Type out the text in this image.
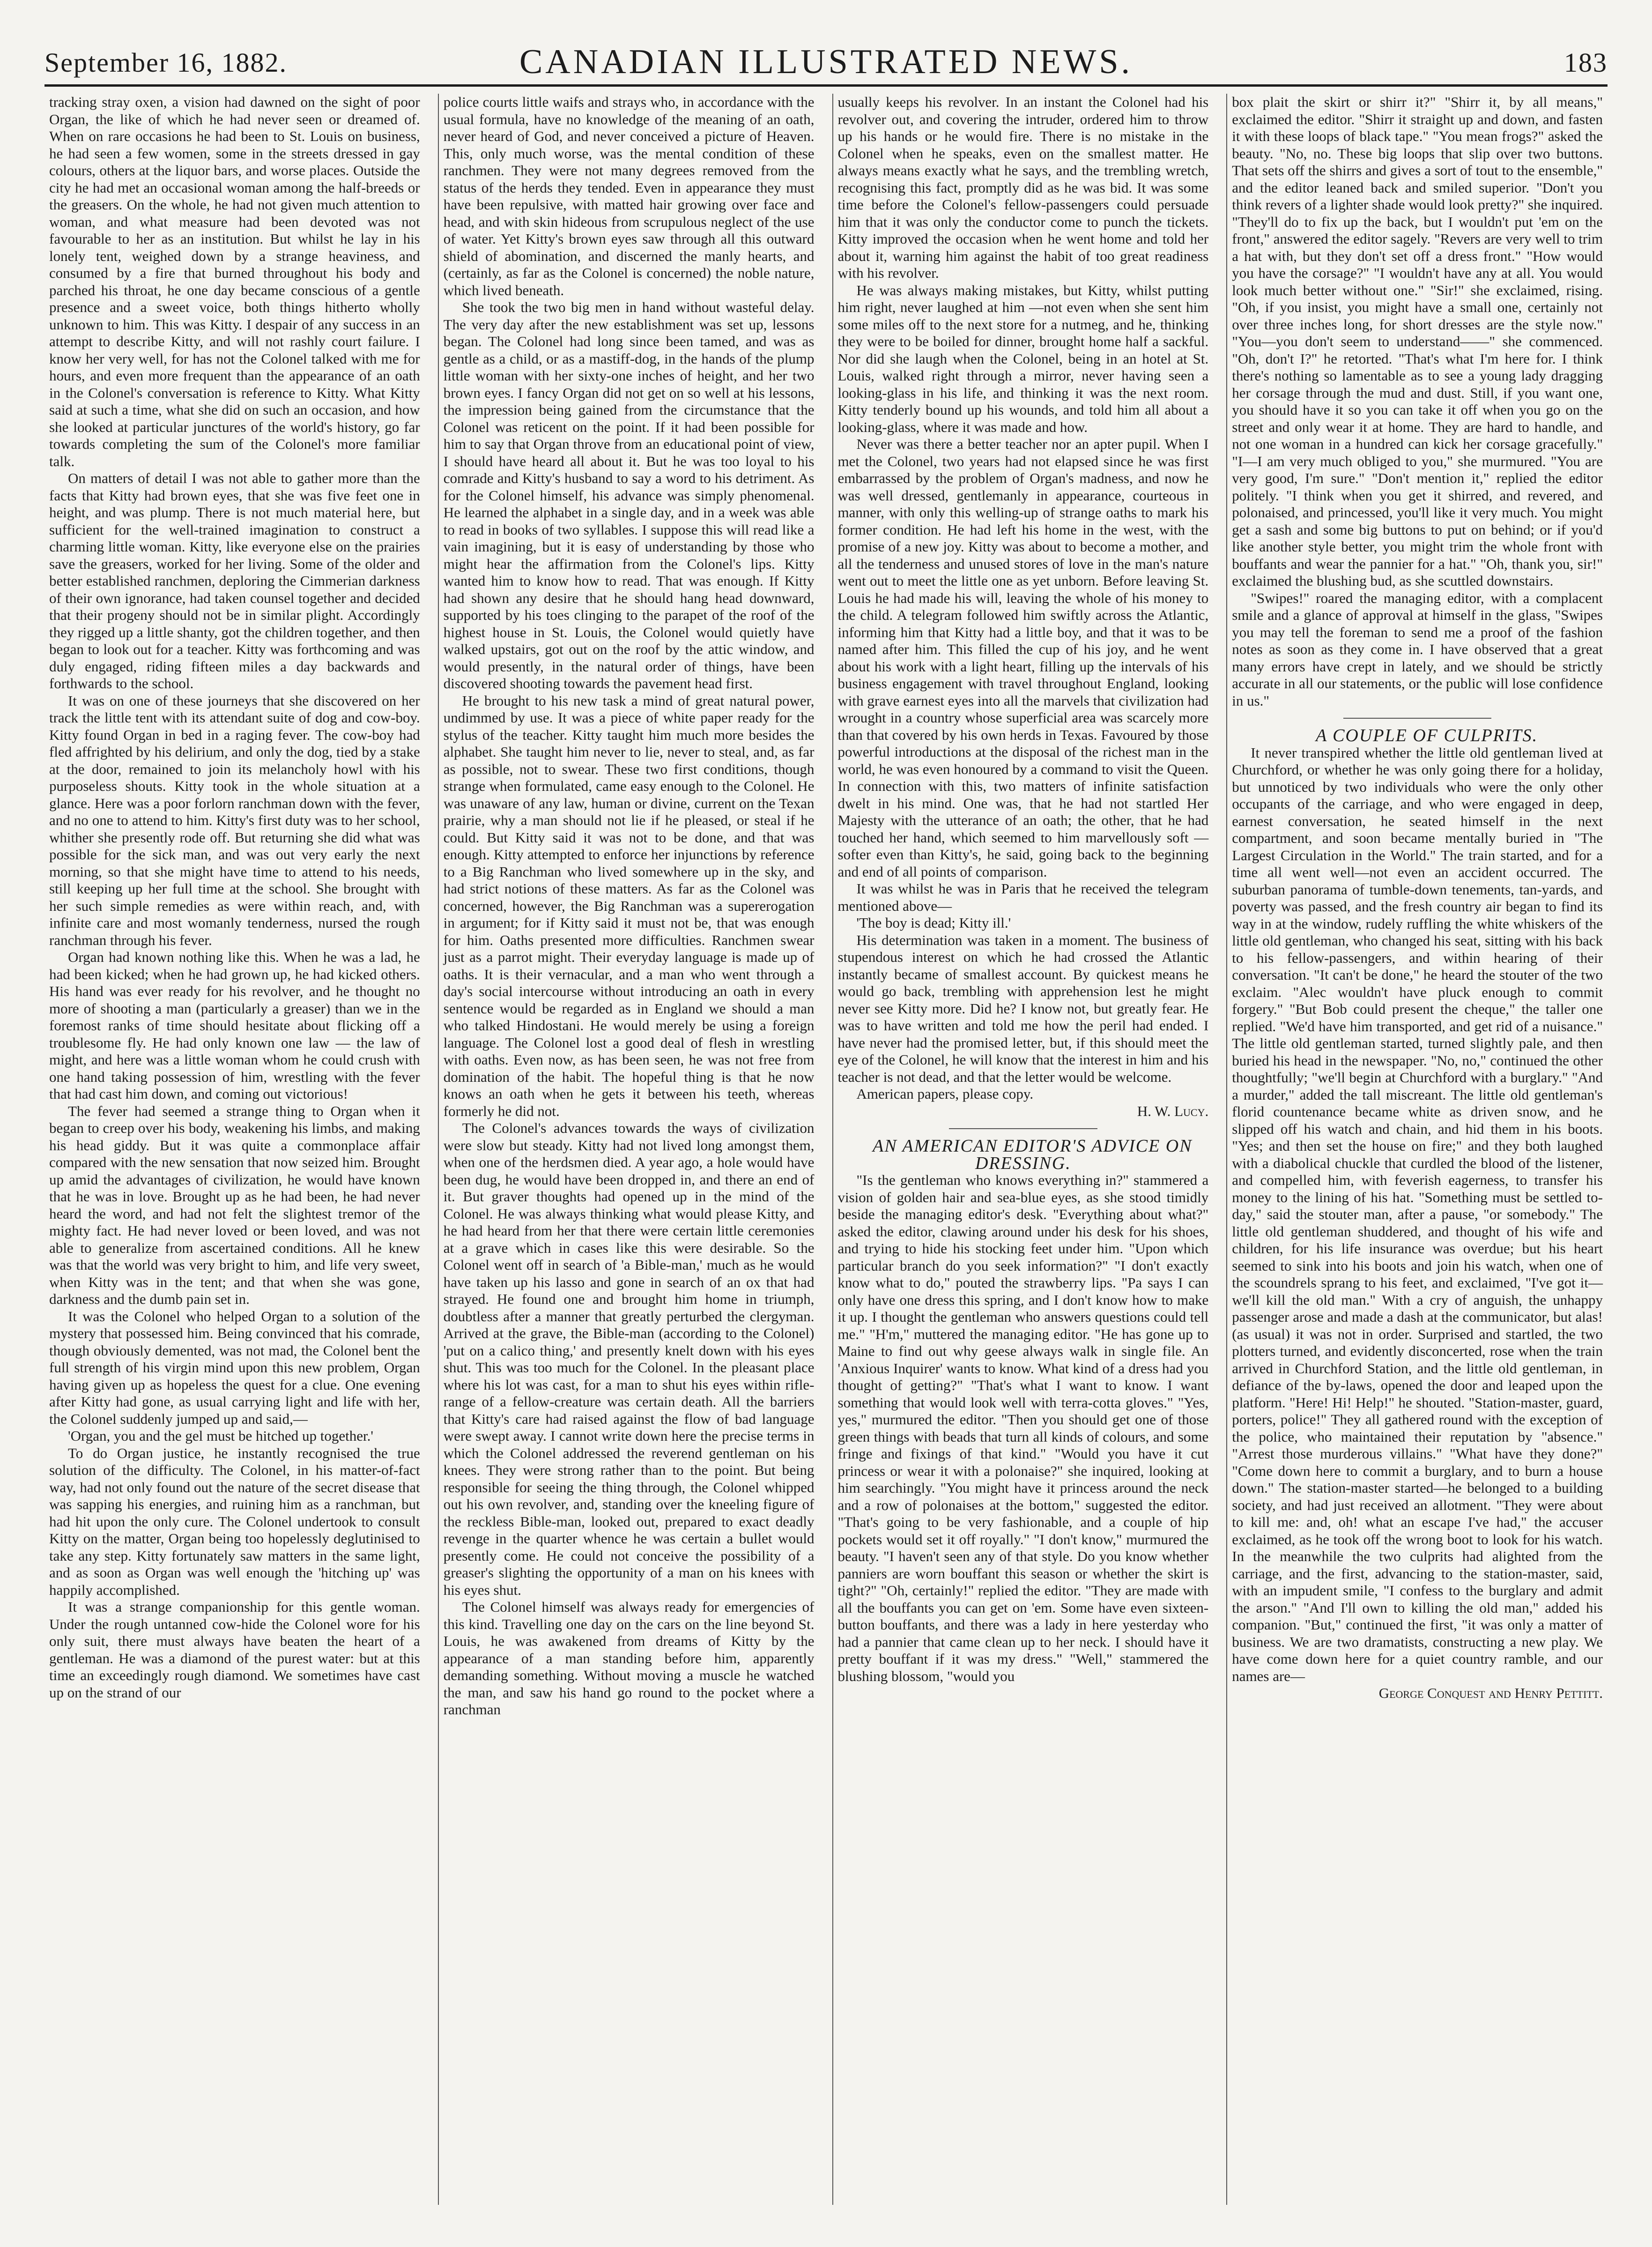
September 16, 1882.	CANADIAN ILLUSTRATED NEWS.	183

tracking stray oxen, a vision had dawned on the sight of poor Organ, the like of which he had never seen or dreamed of. When on rare occasions he had been to St. Louis on business, he had seen a few women, some in the streets dressed in gay colours, others at the liquor bars, and worse places. Outside the city he had met an occasional woman among the half-breeds or the greasers. On the whole, he had not given much attention to woman, and what measure had been devoted was not favourable to her as an institution. But whilst he lay in his lonely tent, weighed down by a strange heaviness, and consumed by a fire that burned throughout his body and parched his throat, he one day became conscious of a gentle presence and a sweet voice, both things hitherto wholly unknown to him. This was Kitty. I despair of any success in an attempt to describe Kitty, and will not rashly court failure. I know her very well, for has not the Colonel talked with me for hours, and even more frequent than the appearance of an oath in the Colonel's conversation is reference to Kitty. What Kitty said at such a time, what she did on such an occasion, and how she looked at particular junctures of the world's history, go far towards completing the sum of the Colonel's more familiar talk.

On matters of detail I was not able to gather more than the facts that Kitty had brown eyes, that she was five feet one in height, and was plump. There is not much material here, but sufficient for the well-trained imagination to construct a charming little woman. Kitty, like everyone else on the prairies save the greasers, worked for her living. Some of the older and better established ranchmen, deploring the Cimmerian darkness of their own ignorance, had taken counsel together and decided that their progeny should not be in similar plight. Accordingly they rigged up a little shanty, got the children together, and then began to look out for a teacher. Kitty was forthcoming and was duly engaged, riding fifteen miles a day backwards and forthwards to the school.

It was on one of these journeys that she discovered on her track the little tent with its attendant suite of dog and cow-boy. Kitty found Organ in bed in a raging fever. The cow-boy had fled affrighted by his delirium, and only the dog, tied by a stake at the door, remained to join its melancholy howl with his purposeless shouts. Kitty took in the whole situation at a glance. Here was a poor forlorn ranchman down with the fever, and no one to attend to him. Kitty's first duty was to her school, whither she presently rode off. But returning she did what was possible for the sick man, and was out very early the next morning, so that she might have time to attend to his needs, still keeping up her full time at the school. She brought with her such simple remedies as were within reach, and, with infinite care and most womanly tenderness, nursed the rough ranchman through his fever.

Organ had known nothing like this. When he was a lad, he had been kicked; when he had grown up, he had kicked others. His hand was ever ready for his revolver, and he thought no more of shooting a man (particularly a greaser) than we in the foremost ranks of time should hesitate about flicking off a troublesome fly. He had only known one law — the law of might, and here was a little woman whom he could crush with one hand taking possession of him, wrestling with the fever that had cast him down, and coming out victorious!

The fever had seemed a strange thing to Organ when it began to creep over his body, weakening his limbs, and making his head giddy. But it was quite a commonplace affair compared with the new sensation that now seized him. Brought up amid the advantages of civilization, he would have known that he was in love. Brought up as he had been, he had never heard the word, and had not felt the slightest tremor of the mighty fact. He had never loved or been loved, and was not able to generalize from ascertained conditions. All he knew was that the world was very bright to him, and life very sweet, when Kitty was in the tent; and that when she was gone, darkness and the dumb pain set in.

It was the Colonel who helped Organ to a solution of the mystery that possessed him. Being convinced that his comrade, though obviously demented, was not mad, the Colonel bent the full strength of his virgin mind upon this new problem, Organ having given up as hopeless the quest for a clue. One evening after Kitty had gone, as usual carrying light and life with her, the Colonel suddenly jumped up and said,—

'Organ, you and the gel must be hitched up together.'

To do Organ justice, he instantly recognised the true solution of the difficulty. The Colonel, in his matter-of-fact way, had not only found out the nature of the secret disease that was sapping his energies, and ruining him as a ranchman, but had hit upon the only cure. The Colonel undertook to consult Kitty on the matter, Organ being too hopelessly deglutinised to take any step. Kitty fortunately saw matters in the same light, and as soon as Organ was well enough the 'hitching up' was happily accomplished.

It was a strange companionship for this gentle woman. Under the rough untanned cow-hide the Colonel wore for his only suit, there must always have beaten the heart of a gentleman. He was a diamond of the purest water: but at this time an exceedingly rough diamond. We sometimes have cast up on the strand of our

police courts little waifs and strays who, in accordance with the usual formula, have no knowledge of the meaning of an oath, never heard of God, and never conceived a picture of Heaven. This, only much worse, was the mental condition of these ranchmen. They were not many degrees removed from the status of the herds they tended. Even in appearance they must have been repulsive, with matted hair growing over face and head, and with skin hideous from scrupulous neglect of the use of water. Yet Kitty's brown eyes saw through all this outward shield of abomination, and discerned the manly hearts, and (certainly, as far as the Colonel is concerned) the noble nature, which lived beneath.

She took the two big men in hand without wasteful delay. The very day after the new establishment was set up, lessons began. The Colonel had long since been tamed, and was as gentle as a child, or as a mastiff-dog, in the hands of the plump little woman with her sixty-one inches of height, and her two brown eyes. I fancy Organ did not get on so well at his lessons, the impression being gained from the circumstance that the Colonel was reticent on the point. If it had been possible for him to say that Organ throve from an educational point of view, I should have heard all about it. But he was too loyal to his comrade and Kitty's husband to say a word to his detriment. As for the Colonel himself, his advance was simply phenomenal. He learned the alphabet in a single day, and in a week was able to read in books of two syllables. I suppose this will read like a vain imagining, but it is easy of understanding by those who might hear the affirmation from the Colonel's lips. Kitty wanted him to know how to read. That was enough. If Kitty had shown any desire that he should hang head downward, supported by his toes clinging to the parapet of the roof of the highest house in St. Louis, the Colonel would quietly have walked upstairs, got out on the roof by the attic window, and would presently, in the natural order of things, have been discovered shooting towards the pavement head first.

He brought to his new task a mind of great natural power, undimmed by use. It was a piece of white paper ready for the stylus of the teacher. Kitty taught him much more besides the alphabet. She taught him never to lie, never to steal, and, as far as possible, not to swear. These two first conditions, though strange when formulated, came easy enough to the Colonel. He was unaware of any law, human or divine, current on the Texan prairie, why a man should not lie if he pleased, or steal if he could. But Kitty said it was not to be done, and that was enough. Kitty attempted to enforce her injunctions by reference to a Big Ranchman who lived somewhere up in the sky, and had strict notions of these matters. As far as the Colonel was concerned, however, the Big Ranchman was a supererogation in argument; for if Kitty said it must not be, that was enough for him. Oaths presented more difficulties. Ranchmen swear just as a parrot might. Their everyday language is made up of oaths. It is their vernacular, and a man who went through a day's social intercourse without introducing an oath in every sentence would be regarded as in England we should a man who talked Hindostani. He would merely be using a foreign language. The Colonel lost a good deal of flesh in wrestling with oaths. Even now, as has been seen, he was not free from domination of the habit. The hopeful thing is that he now knows an oath when he gets it between his teeth, whereas formerly he did not.

The Colonel's advances towards the ways of civilization were slow but steady. Kitty had not lived long amongst them, when one of the herdsmen died. A year ago, a hole would have been dug, he would have been dropped in, and there an end of it. But graver thoughts had opened up in the mind of the Colonel. He was always thinking what would please Kitty, and he had heard from her that there were certain little ceremonies at a grave which in cases like this were desirable. So the Colonel went off in search of 'a Bible-man,' much as he would have taken up his lasso and gone in search of an ox that had strayed. He found one and brought him home in triumph, doubtless after a manner that greatly perturbed the clergyman. Arrived at the grave, the Bible-man (according to the Colonel) 'put on a calico thing,' and presently knelt down with his eyes shut. This was too much for the Colonel. In the pleasant place where his lot was cast, for a man to shut his eyes within rifle-range of a fellow-creature was certain death. All the barriers that Kitty's care had raised against the flow of bad language were swept away. I cannot write down here the precise terms in which the Colonel addressed the reverend gentleman on his knees. They were strong rather than to the point. But being responsible for seeing the thing through, the Colonel whipped out his own revolver, and, standing over the kneeling figure of the reckless Bible-man, looked out, prepared to exact deadly revenge in the quarter whence he was certain a bullet would presently come. He could not conceive the possibility of a greaser's slighting the opportunity of a man on his knees with his eyes shut.

The Colonel himself was always ready for emergencies of this kind. Travelling one day on the cars on the line beyond St. Louis, he was awakened from dreams of Kitty by the appearance of a man standing before him, apparently demanding something. Without moving a muscle he watched the man, and saw his hand go round to the pocket where a ranchman

usually keeps his revolver. In an instant the Colonel had his revolver out, and covering the intruder, ordered him to throw up his hands or he would fire. There is no mistake in the Colonel when he speaks, even on the smallest matter. He always means exactly what he says, and the trembling wretch, recognising this fact, promptly did as he was bid. It was some time before the Colonel's fellow-passengers could persuade him that it was only the conductor come to punch the tickets. Kitty improved the occasion when he went home and told her about it, warning him against the habit of too great readiness with his revolver.

He was always making mistakes, but Kitty, whilst putting him right, never laughed at him —not even when she sent him some miles off to the next store for a nutmeg, and he, thinking they were to be boiled for dinner, brought home half a sackful. Nor did she laugh when the Colonel, being in an hotel at St. Louis, walked right through a mirror, never having seen a looking-glass in his life, and thinking it was the next room. Kitty tenderly bound up his wounds, and told him all about a looking-glass, where it was made and how.

Never was there a better teacher nor an apter pupil. When I met the Colonel, two years had not elapsed since he was first embarrassed by the problem of Organ's madness, and now he was well dressed, gentlemanly in appearance, courteous in manner, with only this welling-up of strange oaths to mark his former condition. He had left his home in the west, with the promise of a new joy. Kitty was about to become a mother, and all the tenderness and unused stores of love in the man's nature went out to meet the little one as yet unborn. Before leaving St. Louis he had made his will, leaving the whole of his money to the child. A telegram followed him swiftly across the Atlantic, informing him that Kitty had a little boy, and that it was to be named after him. This filled the cup of his joy, and he went about his work with a light heart, filling up the intervals of his business engagement with travel throughout England, looking with grave earnest eyes into all the marvels that civilization had wrought in a country whose superficial area was scarcely more than that covered by his own herds in Texas. Favoured by those powerful introductions at the disposal of the richest man in the world, he was even honoured by a command to visit the Queen. In connection with this, two matters of infinite satisfaction dwelt in his mind. One was, that he had not startled Her Majesty with the utterance of an oath; the other, that he had touched her hand, which seemed to him marvellously soft — softer even than Kitty's, he said, going back to the beginning and end of all points of comparison.

It was whilst he was in Paris that he received the telegram mentioned above—

'The boy is dead; Kitty ill.'

His determination was taken in a moment. The business of stupendous interest on which he had crossed the Atlantic instantly became of smallest account. By quickest means he would go back, trembling with apprehension lest he might never see Kitty more. Did he? I know not, but greatly fear. He was to have written and told me how the peril had ended. I have never had the promised letter, but, if this should meet the eye of the Colonel, he will know that the interest in him and his teacher is not dead, and that the letter would be welcome.

American papers, please copy.

H. W. Lucy.

AN AMERICAN EDITOR'S ADVICE ON DRESSING.

"Is the gentleman who knows everything in?" stammered a vision of golden hair and sea-blue eyes, as she stood timidly beside the managing editor's desk. "Everything about what?" asked the editor, clawing around under his desk for his shoes, and trying to hide his stocking feet under him. "Upon which particular branch do you seek information?" "I don't exactly know what to do," pouted the strawberry lips. "Pa says I can only have one dress this spring, and I don't know how to make it up. I thought the gentleman who answers questions could tell me." "H'm," muttered the managing editor. "He has gone up to Maine to find out why geese always walk in single file. An 'Anxious Inquirer' wants to know. What kind of a dress had you thought of getting?" "That's what I want to know. I want something that would look well with terra-cotta gloves." "Yes, yes," murmured the editor. "Then you should get one of those green things with beads that turn all kinds of colours, and some fringe and fixings of that kind." "Would you have it cut princess or wear it with a polonaise?" she inquired, looking at him searchingly. "You might have it princess around the neck and a row of polonaises at the bottom," suggested the editor. "That's going to be very fashionable, and a couple of hip pockets would set it off royally." "I don't know," murmured the beauty. "I haven't seen any of that style. Do you know whether panniers are worn bouffant this season or whether the skirt is tight?" "Oh, certainly!" replied the editor. "They are made with all the bouffants you can get on 'em. Some have even sixteen-button bouffants, and there was a lady in here yesterday who had a pannier that came clean up to her neck. I should have it pretty bouffant if it was my dress." "Well," stammered the blushing blossom, "would you

box plait the skirt or shirr it?" "Shirr it, by all means," exclaimed the editor. "Shirr it straight up and down, and fasten it with these loops of black tape." "You mean frogs?" asked the beauty. "No, no. These big loops that slip over two buttons. That sets off the shirrs and gives a sort of tout to the ensemble," and the editor leaned back and smiled superior. "Don't you think revers of a lighter shade would look pretty?" she inquired. "They'll do to fix up the back, but I wouldn't put 'em on the front," answered the editor sagely. "Revers are very well to trim a hat with, but they don't set off a dress front." "How would you have the corsage?" "I wouldn't have any at all. You would look much better without one." "Sir!" she exclaimed, rising. "Oh, if you insist, you might have a small one, certainly not over three inches long, for short dresses are the style now." "You—you don't seem to understand——" she commenced. "Oh, don't I?" he retorted. "That's what I'm here for. I think there's nothing so lamentable as to see a young lady dragging her corsage through the mud and dust. Still, if you want one, you should have it so you can take it off when you go on the street and only wear it at home. They are hard to handle, and not one woman in a hundred can kick her corsage gracefully." "I—I am very much obliged to you," she murmured. "You are very good, I'm sure." "Don't mention it," replied the editor politely. "I think when you get it shirred, and revered, and polonaised, and princessed, you'll like it very much. You might get a sash and some big buttons to put on behind; or if you'd like another style better, you might trim the whole front with bouffants and wear the pannier for a hat." "Oh, thank you, sir!" exclaimed the blushing bud, as she scuttled downstairs.

"Swipes!" roared the managing editor, with a complacent smile and a glance of approval at himself in the glass, "Swipes you may tell the foreman to send me a proof of the fashion notes as soon as they come in. I have observed that a great many errors have crept in lately, and we should be strictly accurate in all our statements, or the public will lose confidence in us."

A COUPLE OF CULPRITS.

It never transpired whether the little old gentleman lived at Churchford, or whether he was only going there for a holiday, but unnoticed by two individuals who were the only other occupants of the carriage, and who were engaged in deep, earnest conversation, he seated himself in the next compartment, and soon became mentally buried in "The Largest Circulation in the World." The train started, and for a time all went well—not even an accident occurred. The suburban panorama of tumble-down tenements, tan-yards, and poverty was passed, and the fresh country air began to find its way in at the window, rudely ruffling the white whiskers of the little old gentleman, who changed his seat, sitting with his back to his fellow-passengers, and within hearing of their conversation. "It can't be done," he heard the stouter of the two exclaim. "Alec wouldn't have pluck enough to commit forgery." "But Bob could present the cheque," the taller one replied. "We'd have him transported, and get rid of a nuisance." The little old gentleman started, turned slightly pale, and then buried his head in the newspaper. "No, no," continued the other thoughtfully; "we'll begin at Churchford with a burglary." "And a murder," added the tall miscreant. The little old gentleman's florid countenance became white as driven snow, and he slipped off his watch and chain, and hid them in his boots. "Yes; and then set the house on fire;" and they both laughed with a diabolical chuckle that curdled the blood of the listener, and compelled him, with feverish eagerness, to transfer his money to the lining of his hat. "Something must be settled to-day," said the stouter man, after a pause, "or somebody." The little old gentleman shuddered, and thought of his wife and children, for his life insurance was overdue; but his heart seemed to sink into his boots and join his watch, when one of the scoundrels sprang to his feet, and exclaimed, "I've got it—we'll kill the old man." With a cry of anguish, the unhappy passenger arose and made a dash at the communicator, but alas! (as usual) it was not in order. Surprised and startled, the two plotters turned, and evidently disconcerted, rose when the train arrived in Churchford Station, and the little old gentleman, in defiance of the by-laws, opened the door and leaped upon the platform. "Here! Hi! Help!" he shouted. "Station-master, guard, porters, police!" They all gathered round with the exception of the police, who maintained their reputation by "absence." "Arrest those murderous villains." "What have they done?" "Come down here to commit a burglary, and to burn a house down." The station-master started—he belonged to a building society, and had just received an allotment. "They were about to kill me: and, oh! what an escape I've had," the accuser exclaimed, as he took off the wrong boot to look for his watch. In the meanwhile the two culprits had alighted from the carriage, and the first, advancing to the station-master, said, with an impudent smile, "I confess to the burglary and admit the arson." "And I'll own to killing the old man," added his companion. "But," continued the first, "it was only a matter of business. We are two dramatists, constructing a new play. We have come down here for a quiet country ramble, and our names are—

George Conquest and Henry Pettitt.
